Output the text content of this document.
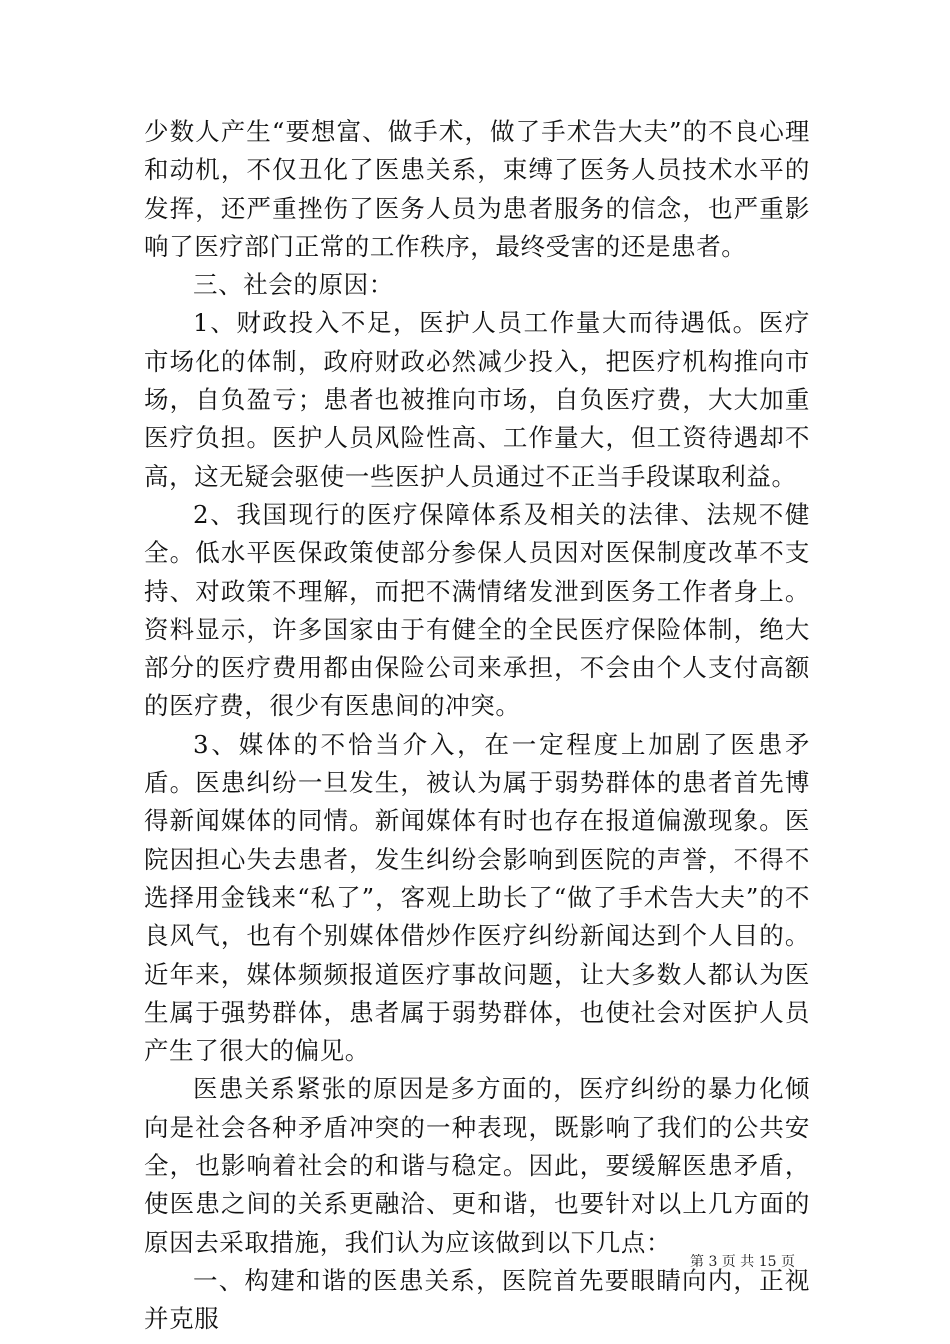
少数人产生“要想富、做手术，做了手术告大夫”的不良心理和动机，不仅丑化了医患关系，束缚了医务人员技术水平的发挥，还严重挫伤了医务人员为患者服务的信念，也严重影响了医疗部门正常的工作秩序，最终受害的还是患者。

三、社会的原因：

1、财政投入不足，医护人员工作量大而待遇低。医疗市场化的体制，政府财政必然减少投入，把医疗机构推向市场，自负盈亏；患者也被推向市场，自负医疗费，大大加重医疗负担。医护人员风险性高、工作量大，但工资待遇却不高，这无疑会驱使一些医护人员通过不正当手段谋取利益。

2、我国现行的医疗保障体系及相关的法律、法规不健全。低水平医保政策使部分参保人员因对医保制度改革不支持、对政策不理解，而把不满情绪发泄到医务工作者身上。资料显示，许多国家由于有健全的全民医疗保险体制，绝大部分的医疗费用都由保险公司来承担，不会由个人支付高额的医疗费，很少有医患间的冲突。

3、媒体的不恰当介入，在一定程度上加剧了医患矛盾。医患纠纷一旦发生，被认为属于弱势群体的患者首先博得新闻媒体的同情。新闻媒体有时也存在报道偏激现象。医院因担心失去患者，发生纠纷会影响到医院的声誉，不得不选择用金钱来“私了”，客观上助长了“做了手术告大夫”的不良风气，也有个别媒体借炒作医疗纠纷新闻达到个人目的。近年来，媒体频频报道医疗事故问题，让大多数人都认为医生属于强势群体，患者属于弱势群体，也使社会对医护人员产生了很大的偏见。

医患关系紧张的原因是多方面的，医疗纠纷的暴力化倾向是社会各种矛盾冲突的一种表现，既影响了我们的公共安全，也影响着社会的和谐与稳定。因此，要缓解医患矛盾，使医患之间的关系更融洽、更和谐，也要针对以上几方面的原因去采取措施，我们认为应该做到以下几点：

一、构建和谐的医患关系，医院首先要眼睛向内，正视并克服

第 3 页 共 15 页
